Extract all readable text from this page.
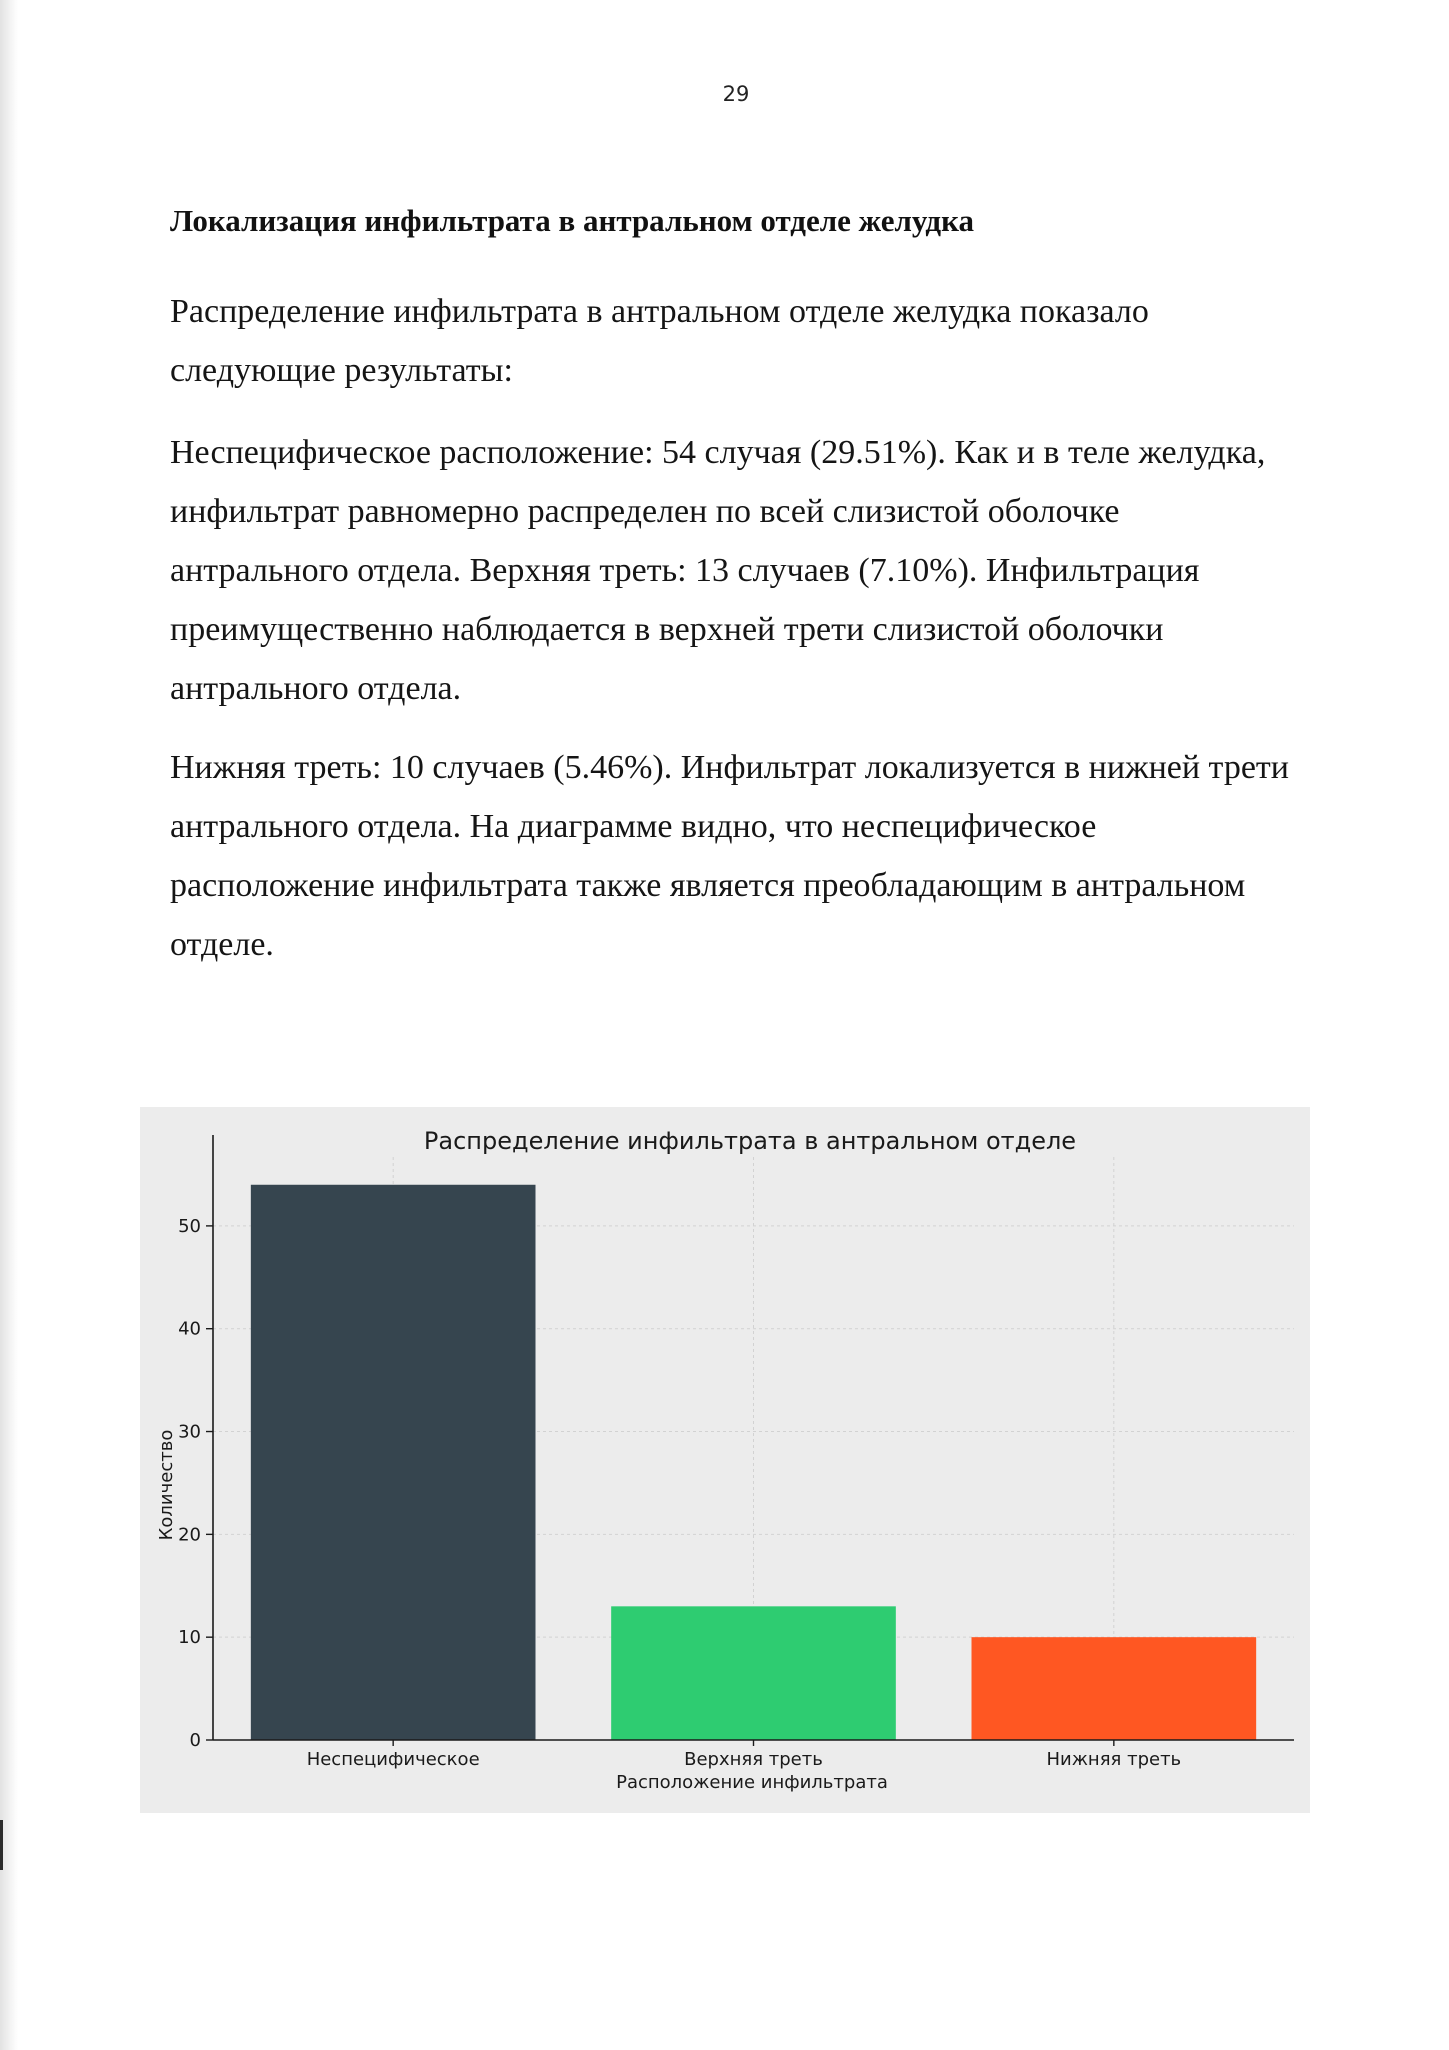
29
Локализация инфильтрата в антральном отделе желудка

Распределение инфильтрата в антральном отделе желудка показало
следующие результаты:

Неспецифическое расположение: 54 случая (29.51%). Как и в теле желудка,
инфильтрат равномерно распределен по всей слизистой оболочке
антрального отдела. Верхняя треть: 13 случаев (7.10%). Инфильтрация
преимущественно наблюдается в верхней трети слизистой оболочки
антрального отдела.

Нижняя треть: 10 случаев (5.46%). Инфильтрат локализуется в нижней трети
антрального отдела. На диаграмме видно, что неспецифическое
расположение инфильтрата также является преобладающим в антральном
отделе.

Распределение инфильтрата в антральном отделе
0
10
20
30
40
50
Неспецифическое	Верхняя треть	Нижняя треть
Расположение инфильтрата
Количество
